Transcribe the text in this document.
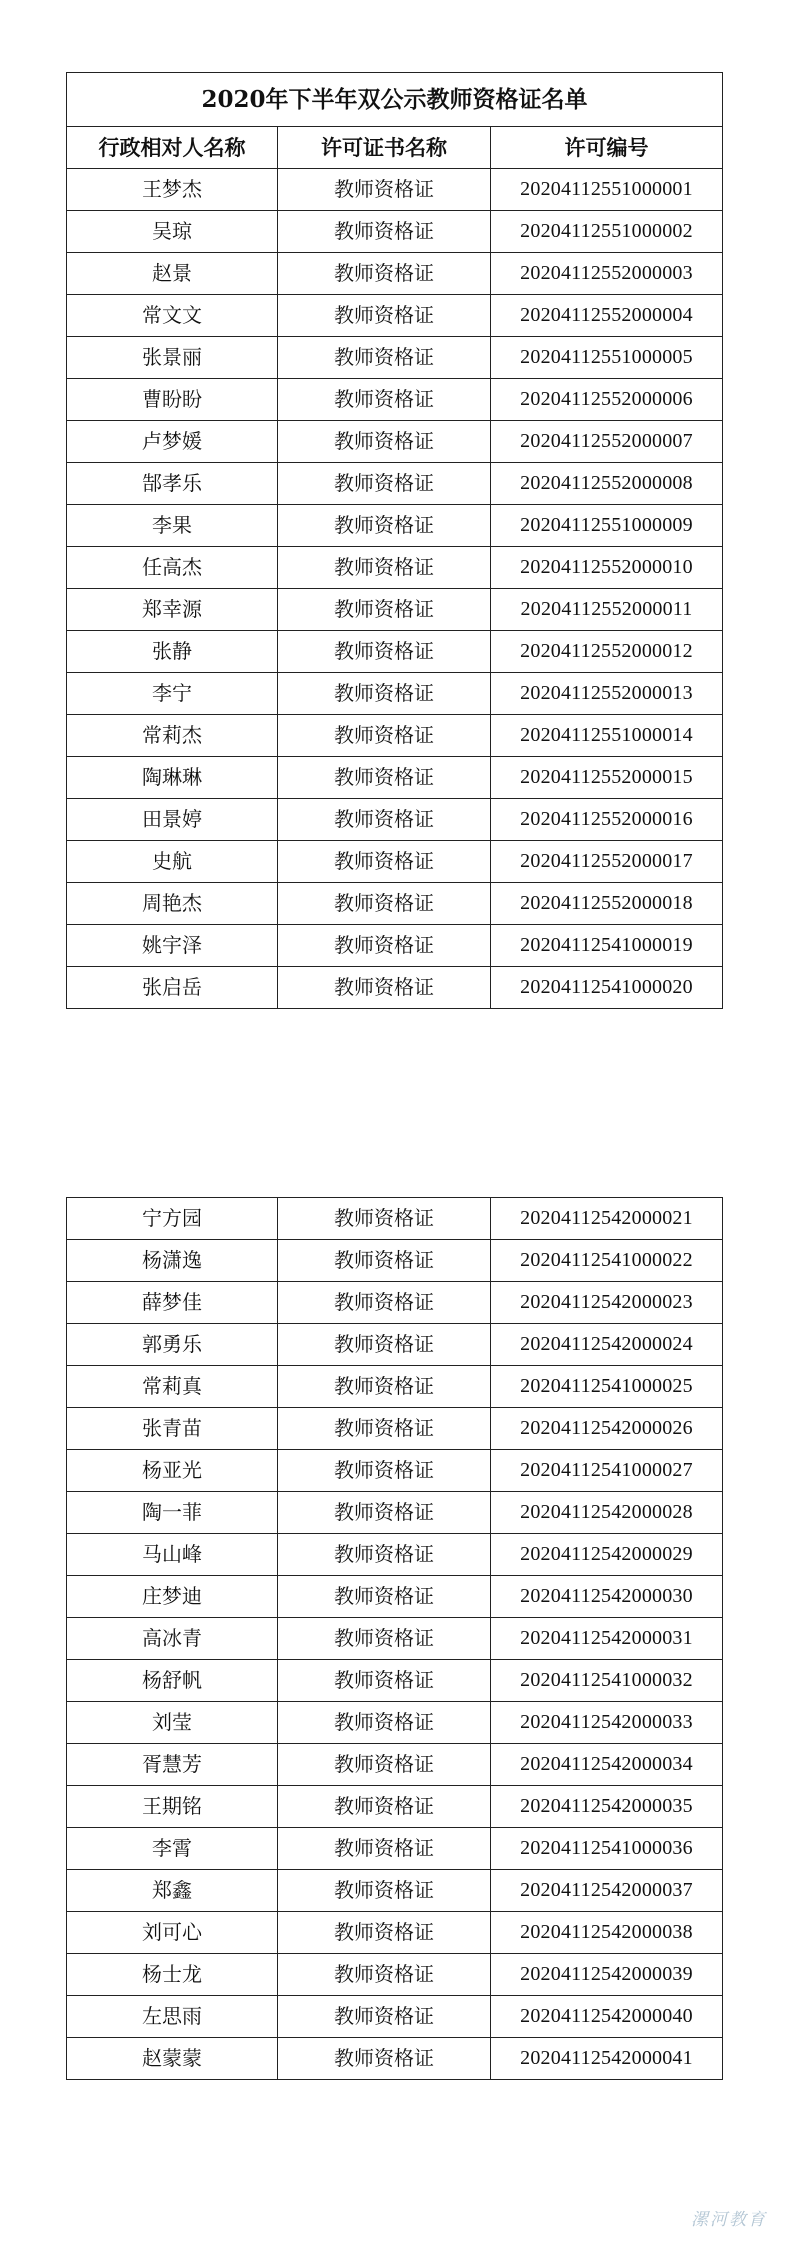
2020年下半年双公示教师资格证名单		
行政相对人名称	许可证书名称	许可编号
王梦杰	教师资格证	20204112551000001
吴琼	教师资格证	20204112551000002
赵景	教师资格证	20204112552000003
常文文	教师资格证	20204112552000004
张景丽	教师资格证	20204112551000005
曹盼盼	教师资格证	20204112552000006
卢梦媛	教师资格证	20204112552000007
郜孝乐	教师资格证	20204112552000008
李果	教师资格证	20204112551000009
任高杰	教师资格证	20204112552000010
郑幸源	教师资格证	20204112552000011
张静	教师资格证	20204112552000012
李宁	教师资格证	20204112552000013
常莉杰	教师资格证	20204112551000014
陶琳琳	教师资格证	20204112552000015
田景婷	教师资格证	20204112552000016
史航	教师资格证	20204112552000017
周艳杰	教师资格证	20204112552000018
姚宇泽	教师资格证	20204112541000019
张启岳	教师资格证	20204112541000020
宁方园	教师资格证	20204112542000021
杨潇逸	教师资格证	20204112541000022
薛梦佳	教师资格证	20204112542000023
郭勇乐	教师资格证	20204112542000024
常莉真	教师资格证	20204112541000025
张青苗	教师资格证	20204112542000026
杨亚光	教师资格证	20204112541000027
陶一菲	教师资格证	20204112542000028
马山峰	教师资格证	20204112542000029
庄梦迪	教师资格证	20204112542000030
高冰青	教师资格证	20204112542000031
杨舒帆	教师资格证	20204112541000032
刘莹	教师资格证	20204112542000033
胥慧芳	教师资格证	20204112542000034
王期铭	教师资格证	20204112542000035
李霄	教师资格证	20204112541000036
郑鑫	教师资格证	20204112542000037
刘可心	教师资格证	20204112542000038
杨士龙	教师资格证	20204112542000039
左思雨	教师资格证	20204112542000040
赵蒙蒙	教师资格证	20204112542000041
漯河教育
